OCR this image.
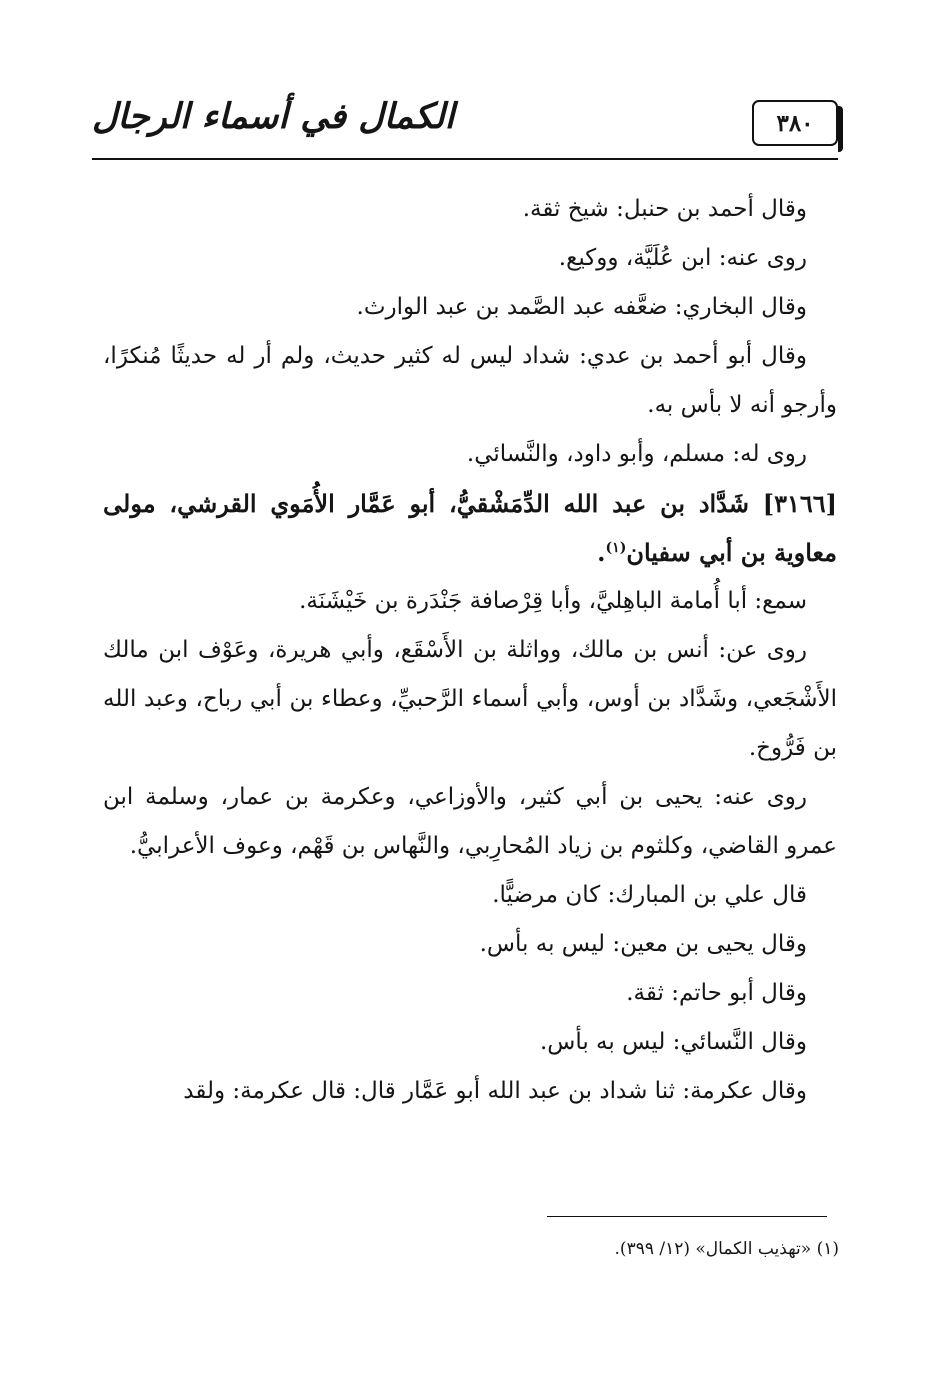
الكمال في أسماء الرجال	٣٨٠

وقال أحمد بن حنبل: شيخ ثقة.

روى عنه: ابن عُلَيَّة، ووكيع.

وقال البخاري: ضعَّفه عبد الصَّمد بن عبد الوارث.

وقال أبو أحمد بن عدي: شداد ليس له كثير حديث، ولم أر له حديثًا مُنكرًا، وأرجو أنه لا بأس به.

روى له: مسلم، وأبو داود، والنَّسائي.

[٣١٦٦] شَدَّاد بن عبد الله الدِّمَشْقيُّ، أبو عَمَّار الأُمَوي القرشي، مولى معاوية بن أبي سفيان$^{(١)}$.

سمع: أبا أُمامة الباهِليَّ، وأبا قِرْصافة جَنْدَرة بن خَيْشَنَة.

روى عن: أنس بن مالك، وواثلة بن الأَسْقَع، وأبي هريرة، وعَوْف ابن مالك الأَشْجَعي، وشَدَّاد بن أوس، وأبي أسماء الرَّحبيِّ، وعطاء بن أبي رباح، وعبد الله بن فَرُّوخ.

روى عنه: يحيى بن أبي كثير، والأوزاعي، وعكرمة بن عمار، وسلمة ابن عمرو القاضي، وكلثوم بن زياد المُحارِبي، والنَّهاس بن قَهْم، وعوف الأعرابيُّ.

قال علي بن المبارك: كان مرضيًّا.

وقال يحيى بن معين: ليس به بأس.

وقال أبو حاتم: ثقة.

وقال النَّسائي: ليس به بأس.

وقال عكرمة: ثنا شداد بن عبد الله أبو عَمَّار قال: قال عكرمة: ولقد

(١) «تهذيب الكمال» (١٢/ ٣٩٩).
